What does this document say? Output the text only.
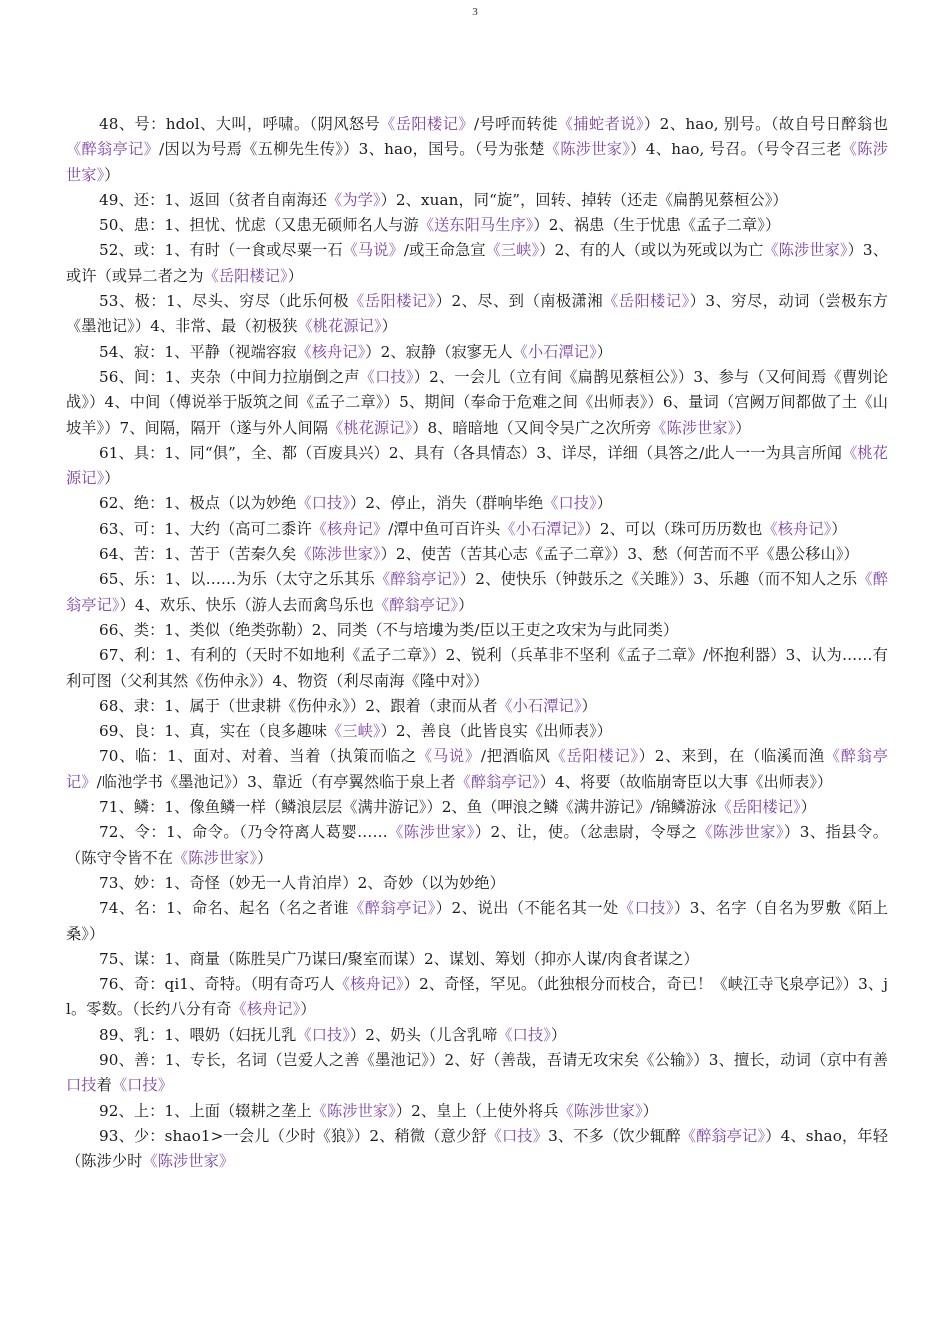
3

48、号：hdol、大叫，呼啸。（阴风怒号《岳阳楼记》/号呼而转徙《捕蛇者说》）2、hao, 别号。（故自号日醉翁也《醉翁亭记》/因以为号焉《五柳先生传》）3、hao，国号。（号为张楚《陈涉世家》）4、hao, 号召。（号令召三老《陈涉世家》）

49、还：1、返回（贫者自南海还《为学》）2、xuan，同“旋”，回转、掉转（还走《扁鹊见蔡桓公》）

50、患：1、担忧、忧虑（又患无硕师名人与游《送东阳马生序》）2、祸患（生于忧患《孟子二章》）

52、或：1、有时（一食或尽粟一石《马说》/或王命急宣《三峡》）2、有的人（或以为死或以为亡《陈涉世家》）3、或许（或异二者之为《岳阳楼记》）

53、极：1、尽头、穷尽（此乐何极《岳阳楼记》）2、尽、到（南极潇湘《岳阳楼记》）3、穷尽，动词（尝极东方《墨池记》）4、非常、最（初极狭《桃花源记》）

54、寂：1、平静（视端容寂《核舟记》）2、寂静（寂寥无人《小石潭记》）

56、间：1、夹杂（中间力拉崩倒之声《口技》）2、一会儿（立有间《扁鹊见蔡桓公》）3、参与（又何间焉《曹刿论战》）4、中间（傅说举于版筑之间《孟子二章》）5、期间（奉命于危难之间《出师表》）6、量词（宫阙万间都做了土《山坡羊》）7、间隔，隔开（遂与外人间隔《桃花源记》）8、暗暗地（又间令吴广之次所旁《陈涉世家》）

61、具：1、同“俱”，全、都（百废具兴）2、具有（各具情态）3、详尽，详细（具答之/此人一一为具言所闻《桃花源记》）

62、绝：1、极点（以为妙绝《口技》）2、停止，消失（群响毕绝《口技》）

63、可：1、大约（高可二黍许《核舟记》/潭中鱼可百许头《小石潭记》）2、可以（珠可历历数也《核舟记》）

64、苦：1、苦于（苦秦久矣《陈涉世家》）2、使苦（苦其心志《孟子二章》）3、愁（何苦而不平《愚公移山》）

65、乐：1、以……为乐（太守之乐其乐《醉翁亭记》）2、使快乐（钟鼓乐之《关雎》）3、乐趣（而不知人之乐《醉翁亭记》）4、欢乐、快乐（游人去而禽鸟乐也《醉翁亭记》）

66、类：1、类似（绝类弥勒）2、同类（不与培塿为类/臣以王吏之攻宋为与此同类）

67、利：1、有利的（天时不如地利《孟子二章》）2、锐利（兵革非不坚利《孟子二章》/怀抱利器）3、认为……有利可图（父利其然《伤仲永》）4、物资（利尽南海《隆中对》）

68、隶：1、属于（世隶耕《伤仲永》）2、跟着（隶而从者《小石潭记》）

69、良：1、真，实在（良多趣味《三峡》）2、善良（此皆良实《出师表》）

70、临：1、面对、对着、当着（执策而临之《马说》/把酒临风《岳阳楼记》）2、来到，在（临溪而渔《醉翁亭记》/临池学书《墨池记》）3、靠近（有亭翼然临于泉上者《醉翁亭记》）4、将要（故临崩寄臣以大事《出师表》）

71、鳞：1、像鱼鳞一样（鳞浪层层《满井游记》）2、鱼（呷浪之鳞《满井游记》/锦鳞游泳《岳阳楼记》）

72、令：1、命令。（乃令符离人葛婴……《陈涉世家》）2、让，使。（忿恚尉，令辱之《陈涉世家》）3、指县令。（陈守令皆不在《陈涉世家》）

73、妙：1、奇怪（妙无一人肯泊岸）2、奇妙（以为妙绝）

74、名：1、命名、起名（名之者谁《醉翁亭记》）2、说出（不能名其一处《口技》）3、名字（自名为罗敷《陌上桑》）

75、谋：1、商量（陈胜吴广乃谋曰/聚室而谋）2、谋划、筹划（抑亦人谋/肉食者谋之）

76、奇：qi1、奇特。（明有奇巧人《核舟记》）2、奇怪，罕见。（此独根分而枝合，奇已！《峡江寺飞泉亭记》）3、jl。零数。（长约八分有奇《核舟记》）

89、乳：1、喂奶（妇抚儿乳《口技》）2、奶头（儿含乳啼《口技》）

90、善：1、专长，名词（岂爱人之善《墨池记》）2、好（善哉，吾请无攻宋矣《公输》）3、擅长，动词（京中有善口技着《口技》

92、上：1、上面（辍耕之垄上《陈涉世家》）2、皇上（上使外将兵《陈涉世家》）

93、少：shao1>一会儿（少时《狼》）2、稍微（意少舒《口技》3、不多（饮少辄醉《醉翁亭记》）4、shao，年轻（陈涉少时《陈涉世家》
